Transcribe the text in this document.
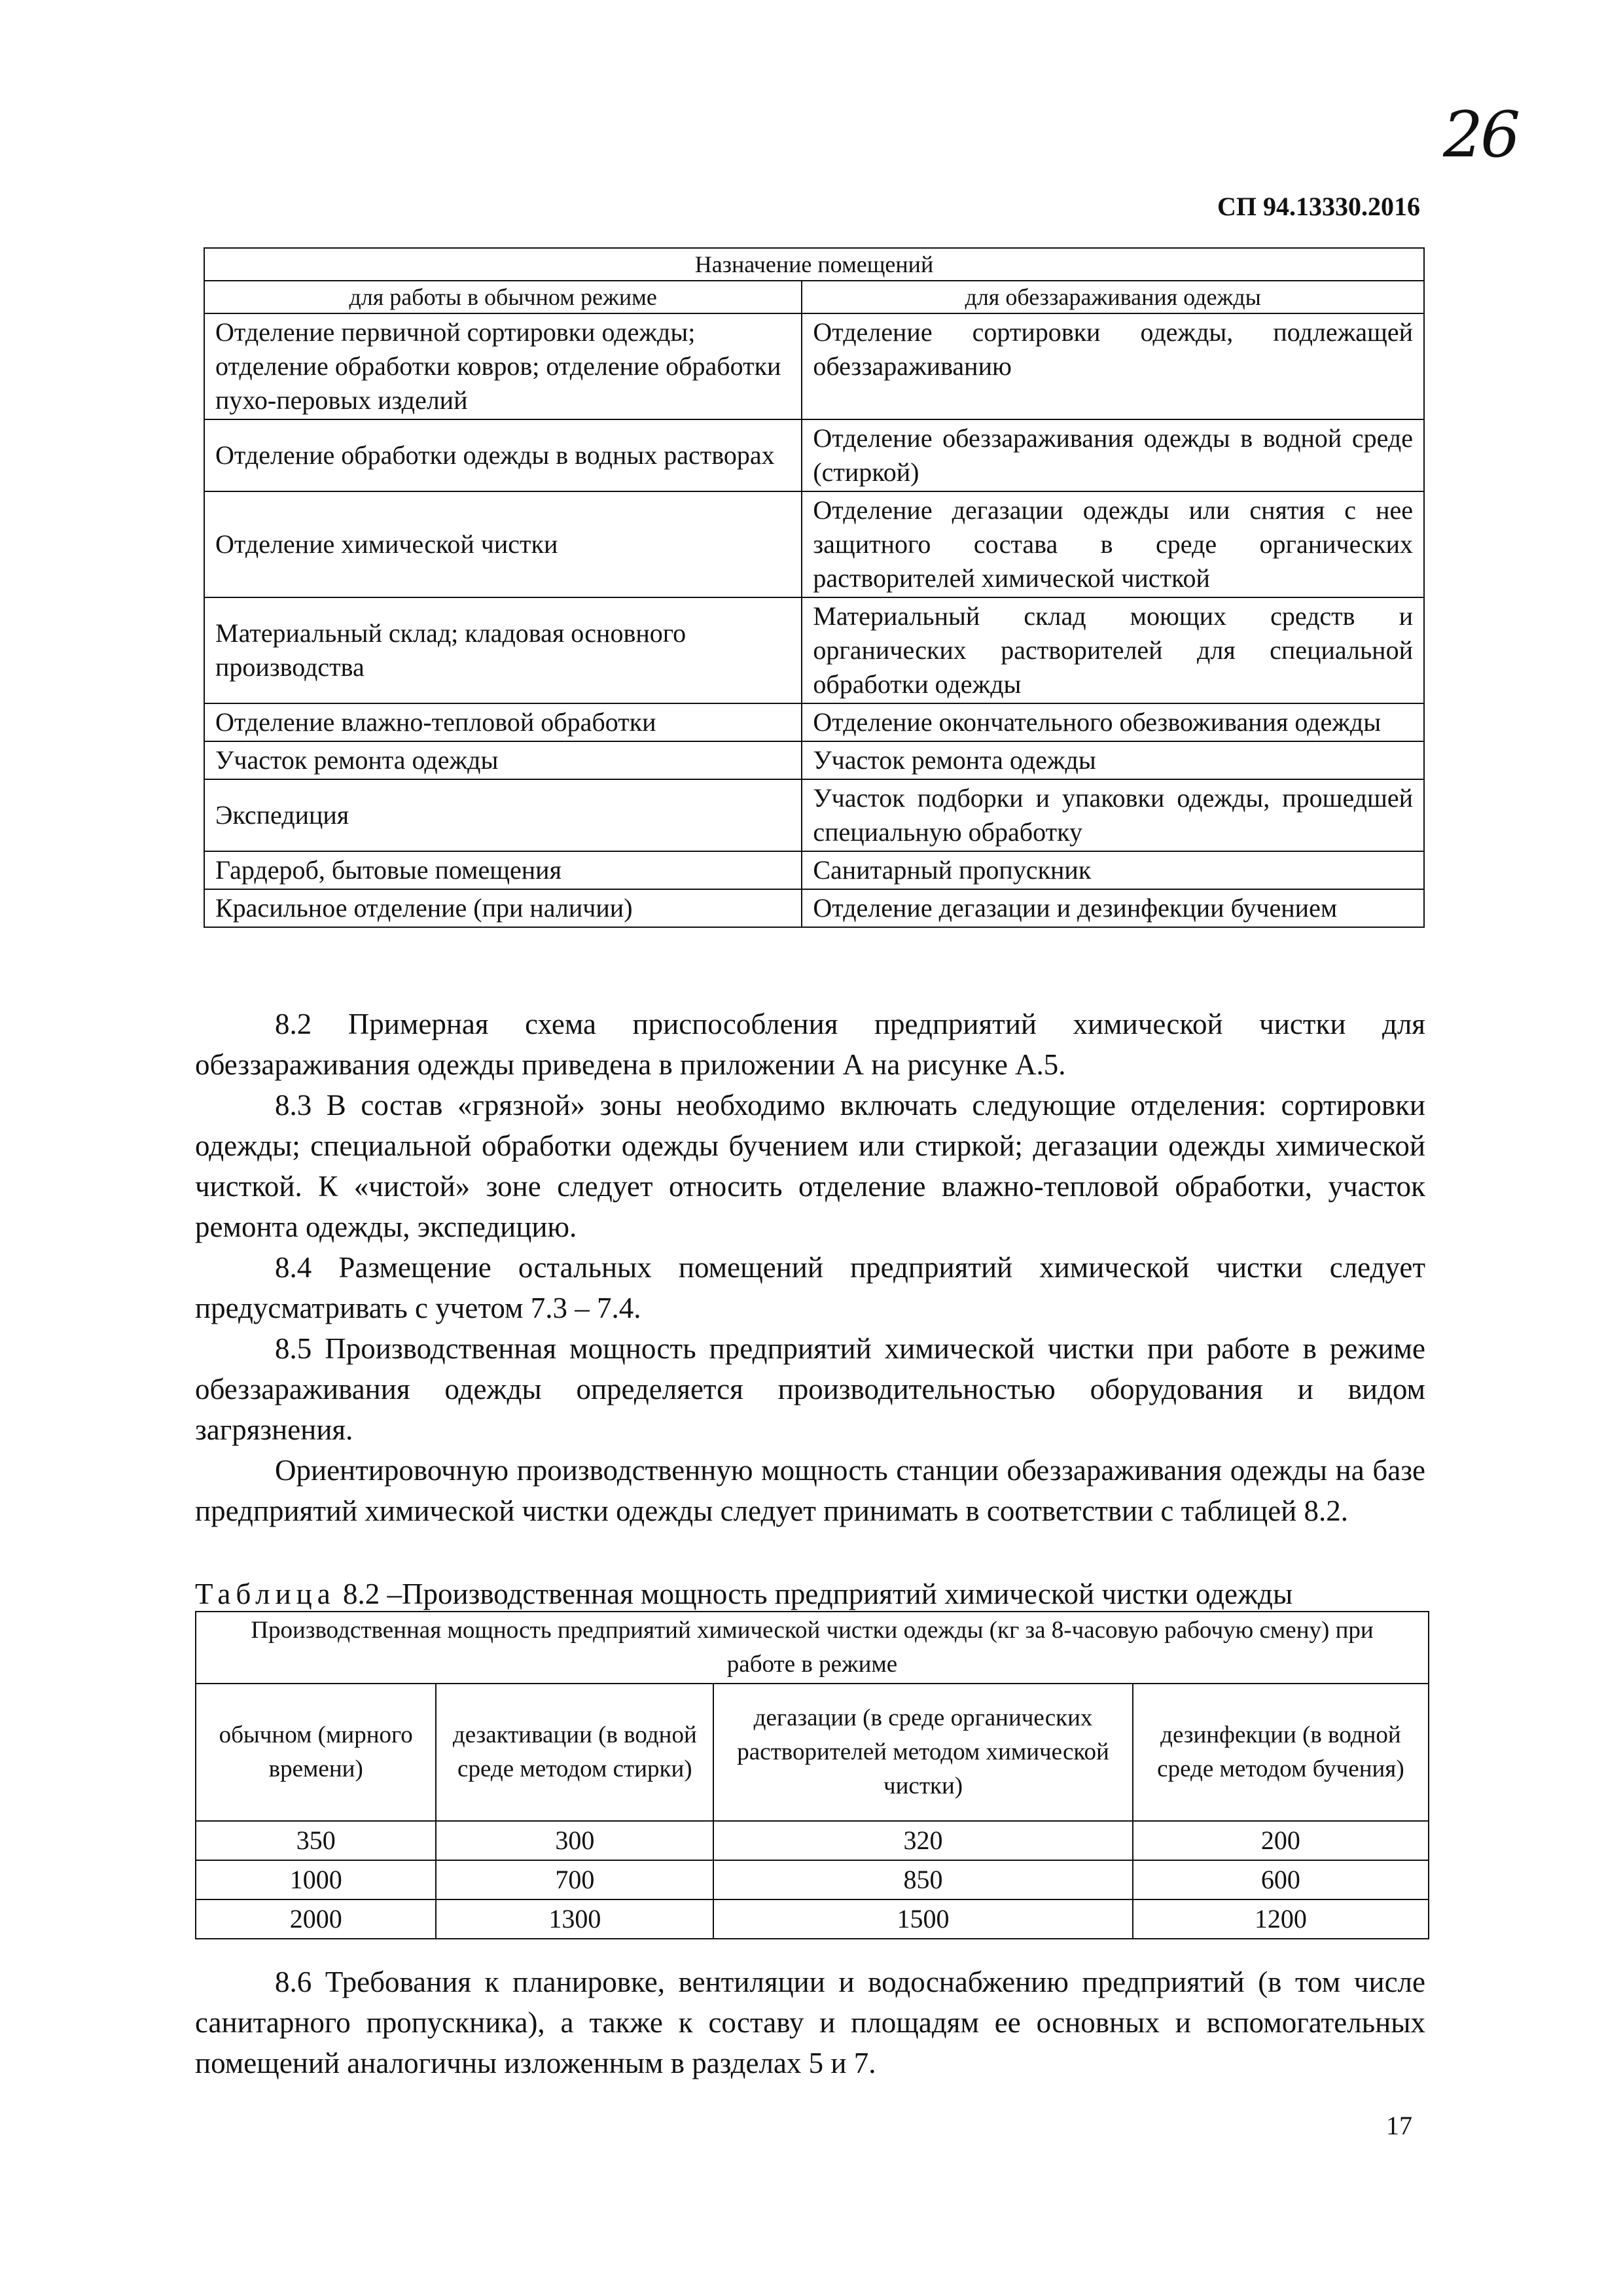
26
СП 94.13330.2016
Назначение помещений	
для работы в обычном режиме	для обеззараживания одежды
Отделение первичной сортировки одежды; отделение обработки ковров; отделение обработки пухо-перовых изделий	Отделение сортировки одежды, подлежащей обеззараживанию
Отделение обработки одежды в водных растворах	Отделение обеззараживания одежды в водной среде (стиркой)
Отделение химической чистки	Отделение дегазации одежды или снятия с нее защитного состава в среде органических растворителей химической чисткой
Материальный склад; кладовая основного производства	Материальный склад моющих средств и органических растворителей для специальной обработки одежды
Отделение влажно-тепловой обработки	Отделение окончательного обезвоживания одежды
Участок ремонта одежды	Участок ремонта одежды
Экспедиция	Участок подборки и упаковки одежды, прошедшей специальную обработку
Гардероб, бытовые помещения	Санитарный пропускник
Красильное отделение (при наличии)	Отделение дегазации и дезинфекции бучением

8.2 Примерная схема приспособления предприятий химической чистки для обеззараживания одежды приведена в приложении А на рисунке А.5.

8.3 В состав «грязной» зоны необходимо включать следующие отделения: сортировки одежды; специальной обработки одежды бучением или стиркой; дегазации одежды химической чисткой. К «чистой» зоне следует относить отделение влажно-тепловой обработки, участок ремонта одежды, экспедицию.

8.4 Размещение остальных помещений предприятий химической чистки следует предусматривать с учетом 7.3 – 7.4.

8.5 Производственная мощность предприятий химической чистки при работе в режиме обеззараживания одежды определяется производительностью оборудования и видом загрязнения.

Ориентировочную производственную мощность станции обеззараживания одежды на базе предприятий химической чистки одежды следует принимать в соответствии с таблицей 8.2.

Таблица 8.2 –Производственная мощность предприятий химической чистки одежды
Производственная мощность предприятий химической чистки одежды (кг за 8-часовую рабочую смену) при работе в режиме			
обычном (мирного времени)	дезактивации (в водной среде методом стирки)	дегазации (в среде органических растворителей методом химической чистки)	дезинфекции (в водной среде методом бучения)
350	300	320	200
1000	700	850	600
2000	1300	1500	1200

8.6 Требования к планировке, вентиляции и водоснабжению предприятий (в том числе санитарного пропускника), а также к составу и площадям ее основных и вспомогательных помещений аналогичны изложенным в разделах 5 и 7.

17
